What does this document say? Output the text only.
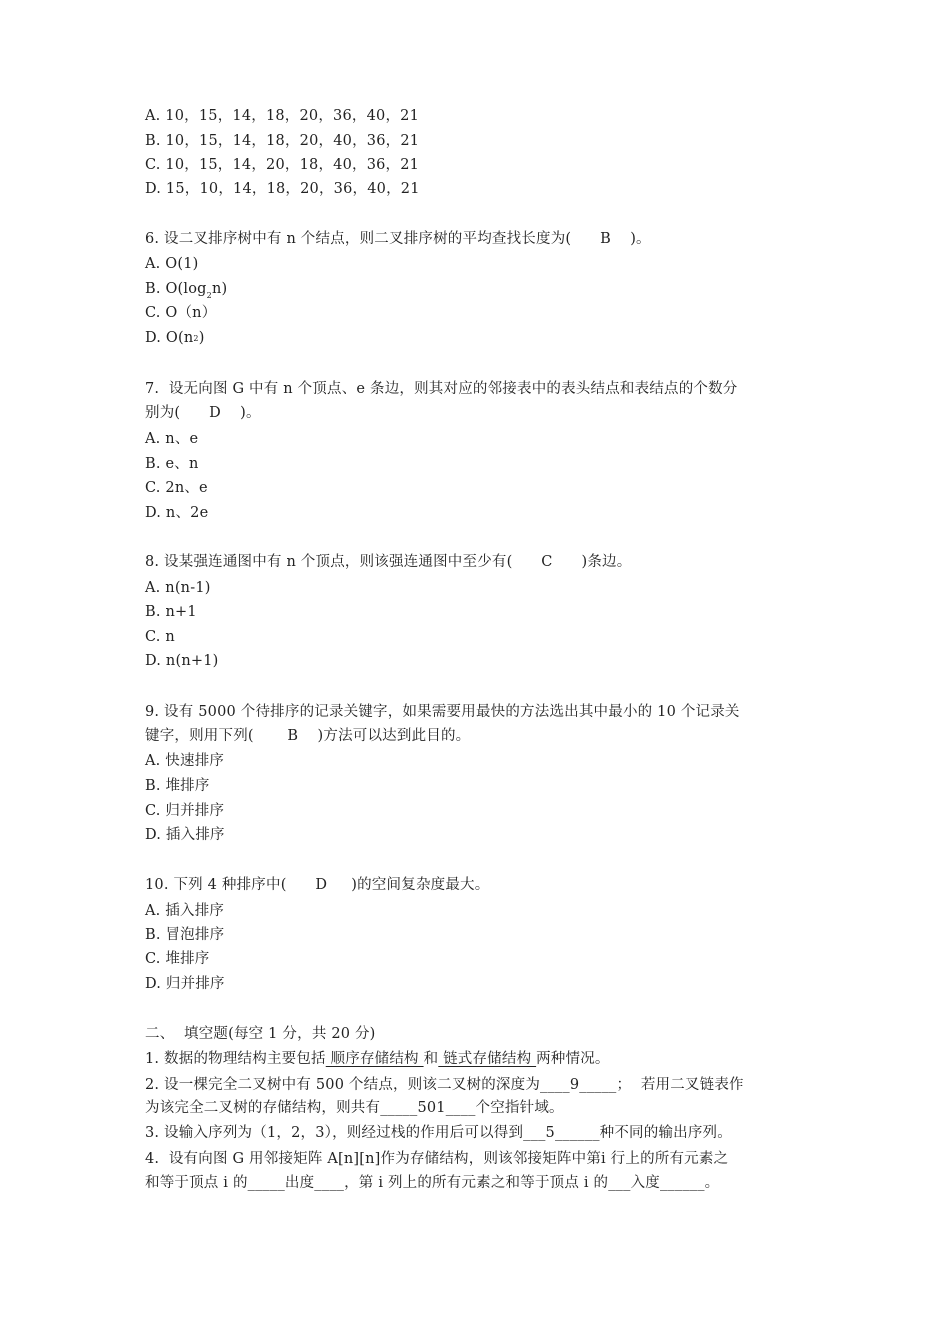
A. 10，15，14，18，20，36，40，21
B. 10，15，14，18，20，40，36，21
C. 10，15，14，20，18，40，36，21
D. 15，10，14，18，20，36，40，21
6. 设二叉排序树中有 n 个结点，则二叉排序树的平均查找长度为(      B    )。
A. O(1)
B. $O(\log_2n)$
C. O（n）
D. O(n2)
7.  设无向图 G 中有 n 个顶点、e 条边，则其对应的邻接表中的表头结点和表结点的个数分
别为(      D    )。
A. n、e
B. e、n
C. 2n、e
D. n、2e
8. 设某强连通图中有 n 个顶点，则该强连通图中至少有(      C      )条边。
A. n(n-1)
B. n+1
C. n
D. n(n+1)
9. 设有 5000 个待排序的记录关键字，如果需要用最快的方法选出其中最小的 10 个记录关
键字，则用下列(       B    )方法可以达到此目的。
A. 快速排序
B. 堆排序
C. 归并排序
D. 插入排序
10. 下列 4 种排序中(      D     )的空间复杂度最大。
A. 插入排序
B. 冒泡排序
C. 堆排序
D. 归并排序
二、  填空题(每空 1 分，共 20 分)
1. 数据的物理结构主要包括 顺序存储结构 和 链式存储结构 两种情况。
2. 设一棵完全二叉树中有 500 个结点，则该二叉树的深度为____9_____；  若用二叉链表作
为该完全二叉树的存储结构，则共有_____501____个空指针域。
3. 设输入序列为（1，2，3），则经过栈的作用后可以得到___5______种不同的输出序列。
4.  设有向图 G 用邻接矩阵 A[n][n]作为存储结构，则该邻接矩阵中第i 行上的所有元素之
和等于顶点 i 的_____出度____，第 i 列上的所有元素之和等于顶点 i 的___入度______。
